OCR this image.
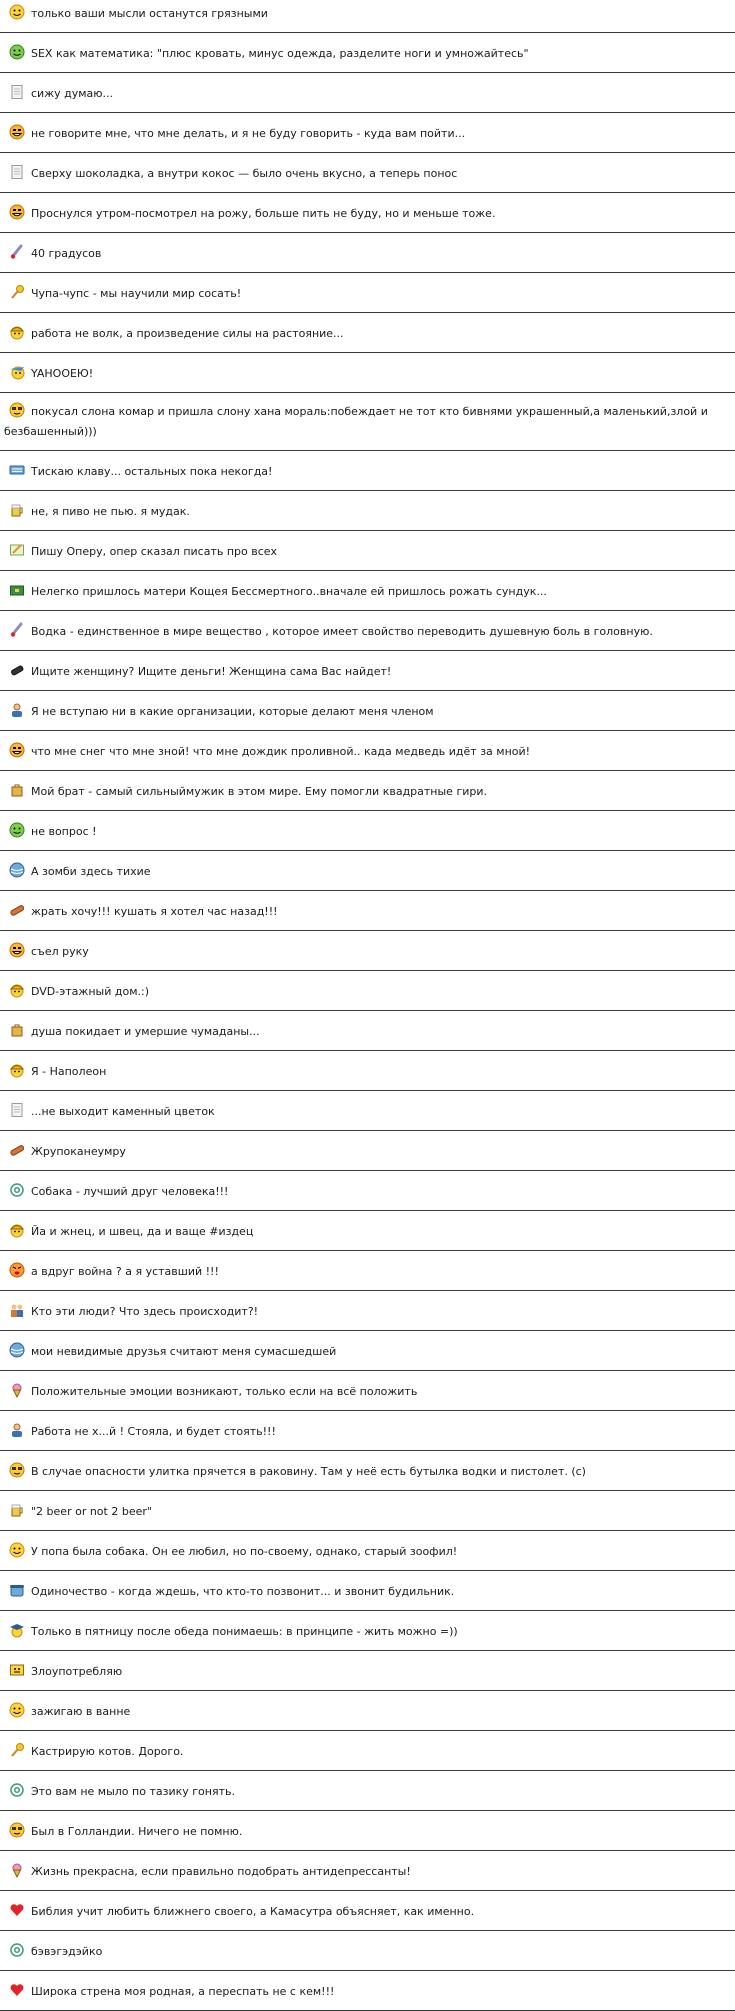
только ваши мысли останутся грязными
SEX как математика: "плюс кровать, минус одежда, разделите ноги и умножайтесь"
сижу думаю...
не говорите мне, что мне делать, и я не буду говорить - куда вам пойти...
Сверху шоколадка, а внутри кокос — было очень вкусно, а теперь понос
Проснулся утром-посмотрел на рожу, больше пить не буду, но и меньше тоже.
40 градусов
Чупа-чупс - мы научили мир сосать!
работа не волк, а произведение силы на растояние...
YAHOOEЮ!
покусал слона комар и пришла слону хана мораль:побеждает не тот кто бивнями украшенный,а маленький,злой и безбашенный)))
Тискаю клаву... остальных пока некогда!
не, я пиво не пью. я мудак.
Пишу Оперу, опер сказал писать про всех
Нелегко пришлось матери Кощея Бессмертного..вначале ей пришлось рожать сундук...
Водка - единственное в мире вещество , которое имеет свойство переводить душевную боль в головную.
Ищите женщину? Ищите деньги! Женщина сама Вас найдет!
Я не вступаю ни в какие организации, которые делают меня членом
что мне снег что мне зной! что мне дождик проливной.. када медведь идёт за мной!
Мой брат - самый сильныймужик в этом мире. Ему помогли квадратные гири.
не вопрос !
А зомби здесь тихие
жрать хочу!!! кушать я хотел час назад!!!
съел руку
DVD-этажный дом.:)
душа покидает и умершие чумаданы...
Я - Наполеон
...не выходит каменный цветок
Жрупоканеумру
Собака - лучший друг человека!!!
Йа и жнец, и швец, да и ваще #издец
а вдруг война ? а я уставший !!!
Кто эти люди? Что здесь происходит?!
мои невидимые друзья считают меня сумасшедшей
Положительные эмоции возникают, только если на всё положить
Работа не х...й ! Стояла, и будет стоять!!!
В случае опасности улитка прячется в раковину. Там у неё есть бутылка водки и пистолет. (с)
"2 beer or not 2 beer"
У попа была собака. Он ее любил, но по-своему, однако, старый зоофил!
Одиночество - когда ждешь, что кто-то позвонит... и звонит будильник.
Только в пятницу после обеда понимаешь: в принципе - жить можно =))
Злоупотребляю
зажигаю в ванне
Кастрирую котов. Дорого.
Это вам не мыло по тазику гонять.
Был в Голландии. Ничего не помню.
Жизнь прекрасна, если правильно подобрать антидепрессанты!
Библия учит любить ближнего своего, а Камасутра объясняет, как именно.
бэвэгэдэйко
Широка стрена моя родная, а переспать не с кем!!!
